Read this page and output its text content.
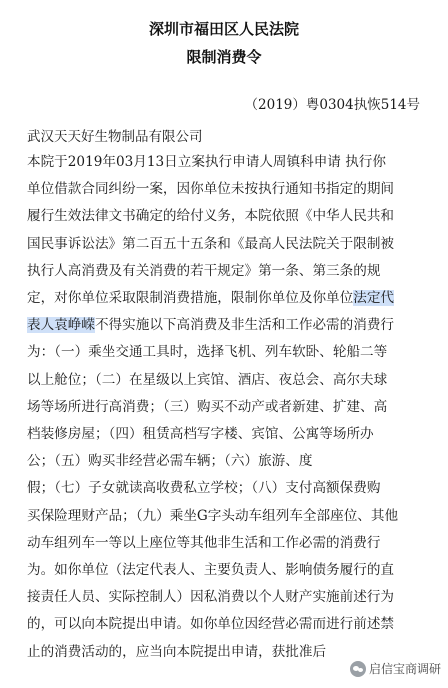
深圳市福田区人民法院
限制消费令
（2019）粤0304执恢514号
武汉天天好生物制品有限公司
本院于2019年03月13日立案执行申请人周镇科申请 执行你
单位借款合同纠纷一案，因你单位未按执行通知书指定的期间
履行生效法律文书确定的给付义务，本院依照《中华人民共和
国民事诉讼法》第二百五十五条和《最高人民法院关于限制被
执行人高消费及有关消费的若干规定》第一条、第三条的规
定，对你单位采取限制消费措施，限制你单位及你单位法定代
表人袁峥嵘不得实施以下高消费及非生活和工作必需的消费行
为：（一）乘坐交通工具时，选择飞机、列车软卧、轮船二等
以上舱位；（二）在星级以上宾馆、酒店、夜总会、高尔夫球
场等场所进行高消费；（三）购买不动产或者新建、扩建、高
档装修房屋；（四）租赁高档写字楼、宾馆、公寓等场所办
公；（五）购买非经营必需车辆；（六）旅游、度
假；（七）子女就读高收费私立学校；（八）支付高额保费购
买保险理财产品；（九）乘坐G字头动车组列车全部座位、其他
动车组列车一等以上座位等其他非生活和工作必需的消费行
为。如你单位（法定代表人、主要负责人、影响债务履行的直
接责任人员、实际控制人）因私消费以个人财产实施前述行为
的，可以向本院提出申请。如你单位因经营必需而进行前述禁
止的消费活动的，应当向本院提出申请，获批准后
启信宝商调研
